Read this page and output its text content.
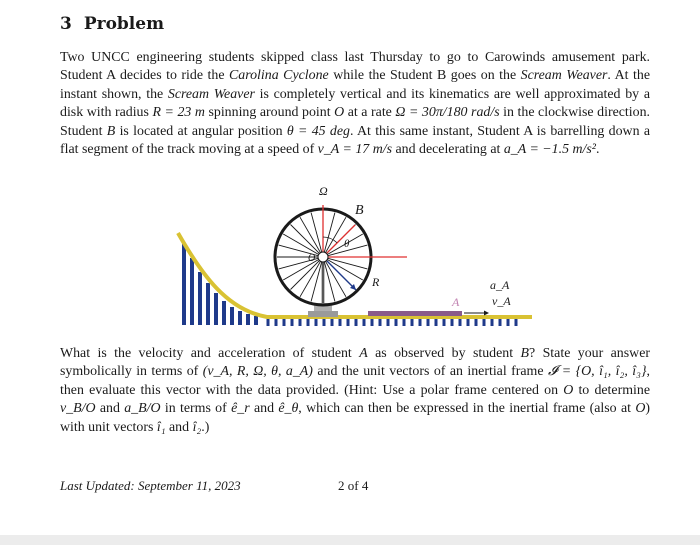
3 Problem
Two UNCC engineering students skipped class last Thursday to go to Carowinds amusement park. Student A decides to ride the Carolina Cyclone while the Student B goes on the Scream Weaver. At the instant shown, the Scream Weaver is completely vertical and its kinematics are well approximated by a disk with radius R = 23 m spinning around point O at a rate Ω = 30π/180 rad/s in the clockwise direction. Student B is located at angular position θ = 45 deg. At this same instant, Student A is barrelling down a flat segment of the track moving at a speed of v_A = 17 m/s and decelerating at a_A = −1.5 m/s².
A
a_A
v_A
Ω
B
θ
O
R
What is the velocity and acceleration of student A as observed by student B? State your answer symbolically in terms of (v_A, R, Ω, θ, a_A) and the unit vectors of an inertial frame 𝓘 = {O, î₁, î₂, î₃}, then evaluate this vector with the data provided. (Hint: Use a polar frame centered on O to determine v_B/O and a_B/O in terms of ê_r and ê_θ, which can then be expressed in the inertial frame (also at O) with unit vectors î₁ and î₂.)
Last Updated: September 11, 2023	2 of 4
